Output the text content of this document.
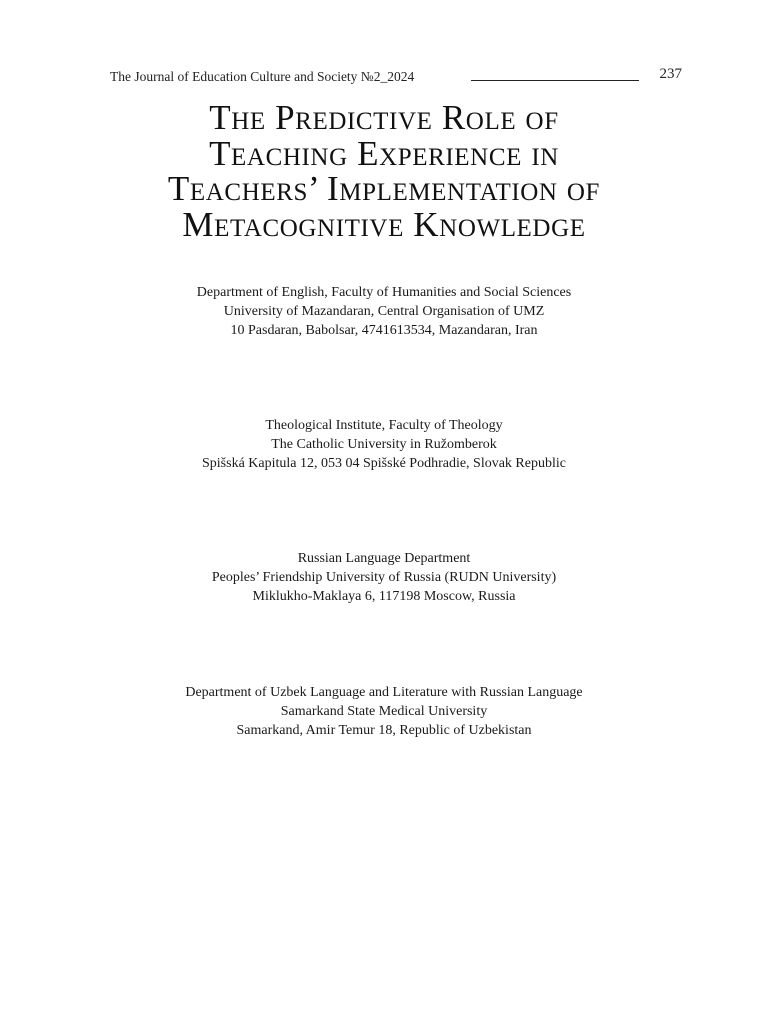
The Journal of Education Culture and Society №2_2024	237
The Predictive Role of
Teaching Experience in
Teachers’ Implementation of
Metacognitive Knowledge
Department of English, Faculty of Humanities and Social Sciences
University of Mazandaran, Central Organisation of UMZ
10 Pasdaran, Babolsar, 4741613534, Mazandaran, Iran
Theological Institute, Faculty of Theology
The Catholic University in Ružomberok
Spišská Kapitula 12, 053 04 Spišské Podhradie, Slovak Republic
Russian Language Department
Peoples’ Friendship University of Russia (RUDN University)
Miklukho-Maklaya 6, 117198 Moscow, Russia
Department of Uzbek Language and Literature with Russian Language
Samarkand State Medical University
Samarkand, Amir Temur 18, Republic of Uzbekistan
